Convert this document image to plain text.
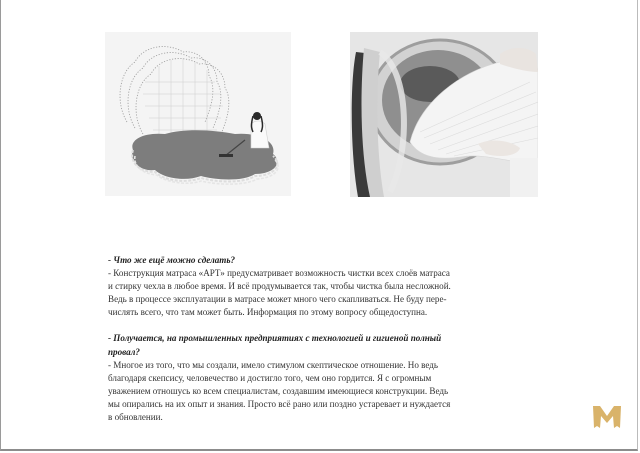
- Что же ещё можно сделать?

- Конструкция матраса «АРТ» предусматривает возможность чистки всех слоёв матраса

и стирку чехла в любое время. И всё продумывается так, чтобы чистка была несложной.

Ведь в процессе эксплуатации в матрасе может много чего скапливаться. Не буду пере-

числять всего, что там может быть. Информация по этому вопросу общедоступна.

- Получается, на промышленных предприятиях с технологией и гигиеной полный

провал?

- Многое из того, что мы создали, имело стимулом скептическое отношение. Но ведь

благодаря скепсису, человечество и достигло того, чем оно гордится. Я с огромным

уважением отношусь ко всем специалистам, создавшим имеющиеся конструкции. Ведь

мы опирались на их опыт и знания. Просто всё рано или поздно устаревает и нуждается

в обновлении.
